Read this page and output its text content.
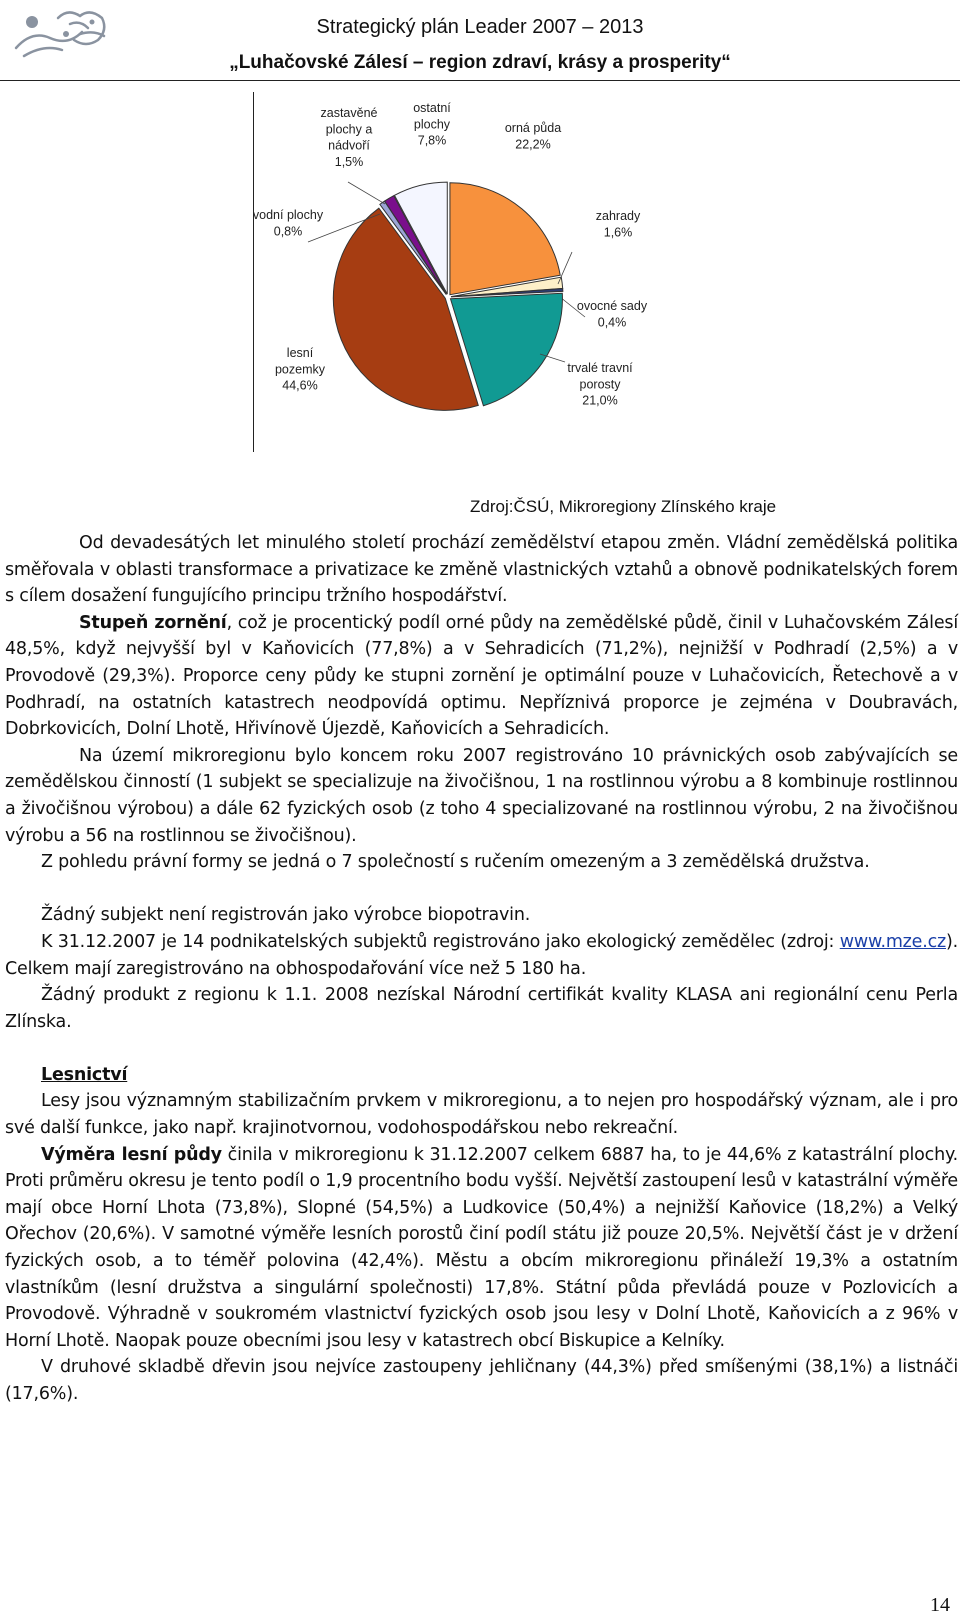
Strategický plán Leader 2007 – 2013
„Luhačovské Zálesí – region zdraví, krásy a prosperity“
orná půda 22,2%
zahrady 1,6%
ovocné sady 0,4%
trvalé travní porosty 21,0%
lesní pozemky 44,6%
vodní plochy 0,8%
zastavěné plochy a nádvoří 1,5%
ostatní plochy 7,8%
Zdroj:ČSÚ, Mikroregiony Zlínského kraje

Od devadesátých let minulého století prochází zemědělství etapou změn. Vládní zemědělská politika směřovala v oblasti transformace a privatizace ke změně vlastnických vztahů a obnově podnikatelských forem s cílem dosažení fungujícího principu tržního hospodářství.

Stupeň zornění, což je procentický podíl orné půdy na zemědělské půdě, činil v Luhačovském Zálesí 48,5%, když nejvyšší byl v Kaňovicích (77,8%) a v Sehradicích (71,2%), nejnižší v Podhradí (2,5%) a v Provodově (29,3%). Proporce ceny půdy ke stupni zornění je optimální pouze v Luhačovicích, Řetechově a v Podhradí, na ostatních katastrech neodpovídá optimu. Nepříznivá proporce je zejména v Doubravách, Dobrkovicích, Dolní Lhotě, Hřivínově Újezdě, Kaňovicích a Sehradicích.

Na území mikroregionu bylo koncem roku 2007 registrováno 10 právnických osob zabývajících se zemědělskou činností (1 subjekt se specializuje na živočišnou, 1 na rostlinnou výrobu a 8 kombinuje rostlinnou a živočišnou výrobou) a dále 62 fyzických osob (z toho 4 specializované na rostlinnou výrobu, 2 na živočišnou výrobu a 56 na rostlinnou se živočišnou).

Z pohledu právní formy se jedná o 7 společností s ručením omezeným a 3 zemědělská družstva.

Žádný subjekt není registrován jako výrobce biopotravin.

K 31.12.2007 je 14 podnikatelských subjektů registrováno jako ekologický zemědělec (zdroj: www.mze.cz). Celkem mají zaregistrováno na obhospodařování více než 5 180 ha.

Žádný produkt z regionu k 1.1. 2008 nezískal Národní certifikát kvality KLASA ani regionální cenu Perla Zlínska.

Lesnictví

Lesy jsou významným stabilizačním prvkem v mikroregionu, a to nejen pro hospodářský význam, ale i pro své další funkce, jako např. krajinotvornou, vodohospodářskou nebo rekreační.

Výměra lesní půdy činila v mikroregionu k 31.12.2007 celkem 6887 ha, to je 44,6% z katastrální plochy. Proti průměru okresu je tento podíl o 1,9 procentního bodu vyšší. Největší zastoupení lesů v katastrální výměře mají obce Horní Lhota (73,8%), Slopné (54,5%) a Ludkovice (50,4%) a nejnižší Kaňovice (18,2%) a Velký Ořechov (20,6%). V samotné výměře lesních porostů činí podíl státu již pouze 20,5%. Největší část je v držení fyzických osob, a to téměř polovina (42,4%). Městu a obcím mikroregionu přináleží 19,3% a ostatním vlastníkům (lesní družstva a singulární společnosti) 17,8%. Státní půda převládá pouze v Pozlovicích a Provodově. Výhradně v soukromém vlastnictví fyzických osob jsou lesy v Dolní Lhotě, Kaňovicích a z 96% v Horní Lhotě. Naopak pouze obecními jsou lesy v katastrech obcí Biskupice a Kelníky.

V druhové skladbě dřevin jsou nejvíce zastoupeny jehličnany (44,3%) před smíšenými (38,1%) a listnáči (17,6%).

14
